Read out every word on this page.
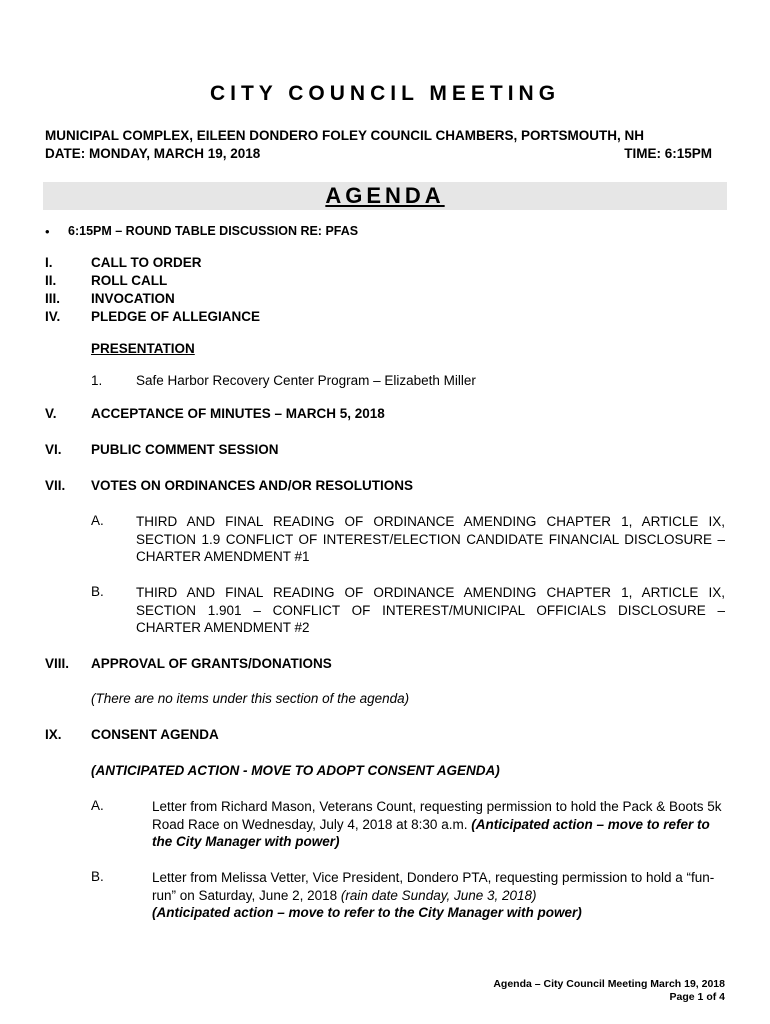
CITY COUNCIL MEETING
MUNICIPAL COMPLEX, EILEEN DONDERO FOLEY COUNCIL CHAMBERS, PORTSMOUTH, NH
DATE: MONDAY, MARCH 19, 2018	TIME: 6:15PM
AGENDA
• 6:15PM – ROUND TABLE DISCUSSION RE: PFAS
I.	CALL TO ORDER
II.	ROLL CALL
III. INVOCATION
IV. PLEDGE OF ALLEGIANCE
PRESENTATION
1. Safe Harbor Recovery Center Program – Elizabeth Miller
V.	ACCEPTANCE OF MINUTES – MARCH 5, 2018
VI. PUBLIC COMMENT SESSION
VII. VOTES ON ORDINANCES AND/OR RESOLUTIONS
A. THIRD AND FINAL READING OF ORDINANCE AMENDING CHAPTER 1, ARTICLE IX, SECTION 1.9 CONFLICT OF INTEREST/ELECTION CANDIDATE FINANCIAL DISCLOSURE – CHARTER AMENDMENT #1
B. THIRD AND FINAL READING OF ORDINANCE AMENDING CHAPTER 1, ARTICLE IX, SECTION 1.901 – CONFLICT OF INTEREST/MUNICIPAL OFFICIALS DISCLOSURE – CHARTER AMENDMENT #2
VIII. APPROVAL OF GRANTS/DONATIONS
(There are no items under this section of the agenda)
IX. CONSENT AGENDA
(ANTICIPATED ACTION - MOVE TO ADOPT CONSENT AGENDA)
A.	Letter from Richard Mason, Veterans Count, requesting permission to hold the Pack & Boots 5k Road Race on Wednesday, July 4, 2018 at 8:30 a.m. (Anticipated action – move to refer to the City Manager with power)
B.	Letter from Melissa Vetter, Vice President, Dondero PTA, requesting permission to hold a “fun-run” on Saturday, June 2, 2018 (rain date Sunday, June 3, 2018)
(Anticipated action – move to refer to the City Manager with power)
Agenda – City Council Meeting March 19, 2018
Page 1 of 4
